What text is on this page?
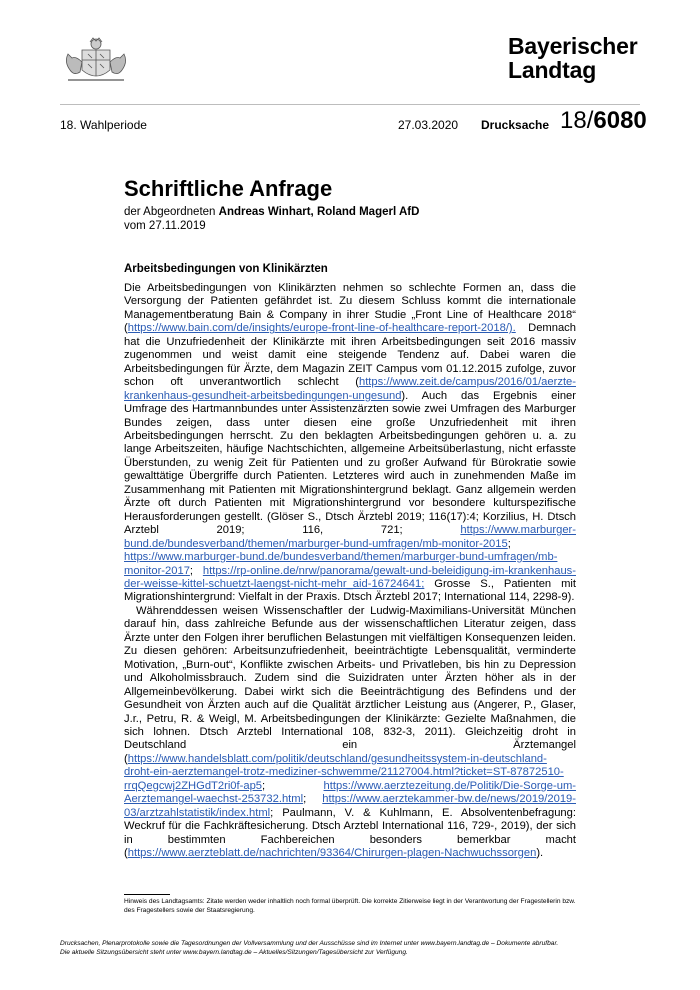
Bayerischer
Landtag
18. Wahlperiode	27.03.2020 Drucksache 18/6080
Schriftliche Anfrage
der Abgeordneten Andreas Winhart, Roland Magerl AfD
vom 27.11.2019
Arbeitsbedingungen von Klinikärzten

Die Arbeitsbedingungen von Klinikärzten nehmen so schlechte Formen an, dass die Versorgung der Patienten gefährdet ist. Zu diesem Schluss kommt die internationale Managementberatung Bain & Company in ihrer Studie „Front Line of Healthcare 2018“ (https://www.bain.com/de/insights/europe-front-line-of-healthcare-report-2018/). Demnach hat die Unzufriedenheit der Klinikärzte mit ihren Arbeitsbedingungen seit 2016 massiv zugenommen und weist damit eine steigende Tendenz auf. Dabei waren die Arbeitsbedingungen für Ärzte, dem Magazin ZEIT Campus vom 01.12.2015 zufolge, zuvor schon oft unverantwortlich schlecht (https://www.zeit.de/campus/2016/01/aerzte-krankenhaus-gesundheit-arbeitsbedingungen-ungesund). Auch das Ergebnis einer Umfrage des Hartmannbundes unter Assistenzärzten sowie zwei Umfragen des Marburger Bundes zeigen, dass unter diesen eine große Unzufriedenheit mit ihren Arbeitsbedingungen herrscht. Zu den beklagten Arbeitsbedingungen gehören u. a. zu lange Arbeitszeiten, häufige Nachtschichten, allgemeine Arbeitsüberlastung, nicht erfasste Überstunden, zu wenig Zeit für Patienten und zu großer Aufwand für Bürokratie sowie gewalttätige Übergriffe durch Patienten. Letzteres wird auch in zunehmenden Maße im Zusammenhang mit Patienten mit Migrationshintergrund beklagt. Ganz allgemein werden Ärzte oft durch Patienten mit Migrationshintergrund vor besondere kulturspezifische Herausforderungen gestellt. (Glöser S., Dtsch Ärztebl 2019; 116(17):4; Korzilius, H. Dtsch Arztebl 2019; 116, 721; https://www.marburger-bund.de/bundesverband/themen/marburger-bund-umfragen/mb-monitor-2015; https://www.marburger-bund.de/bundesverband/themen/marburger-bund-umfragen/mb-monitor-2017; https://rp-online.de/nrw/panorama/gewalt-und-beleidigung-im-krankenhaus-der-weisse-kittel-schuetzt-laengst-nicht-mehr_aid-16724641; Grosse S., Patienten mit Migrationshintergrund: Vielfalt in der Praxis. Dtsch Ärztebl 2017; International 114, 2298-9).

Währenddessen weisen Wissenschaftler der Ludwig-Maximilians-Universität München darauf hin, dass zahlreiche Befunde aus der wissenschaftlichen Literatur zeigen, dass Ärzte unter den Folgen ihrer beruflichen Belastungen mit vielfältigen Konsequenzen leiden. Zu diesen gehören: Arbeitsunzufriedenheit, beeinträchtigte Lebensqualität, verminderte Motivation, „Burn-out“, Konflikte zwischen Arbeits- und Privatleben, bis hin zu Depression und Alkoholmissbrauch. Zudem sind die Suizidraten unter Ärzten höher als in der Allgemeinbevölkerung. Dabei wirkt sich die Beeinträchtigung des Befindens und der Gesundheit von Ärzten auch auf die Qualität ärztlicher Leistung aus (Angerer, P., Glaser, J.r., Petru, R. & Weigl, M. Arbeitsbedingungen der Klinikärzte: Gezielte Maßnahmen, die sich lohnen. Dtsch Arztebl International 108, 832-3, 2011). Gleichzeitig droht in Deutschland ein Ärztemangel (https://www.handelsblatt.com/politik/deutschland/gesundheitssystem-in-deutschland-droht-ein-aerztemangel-trotz-mediziner-schwemme/21127004.html?ticket=ST-87872510-rrqQegcwj2ZHGdT2ri0f-ap5; https://www.aerztezeitung.de/Politik/Die-Sorge-um-Aerztemangel-waechst-253732.html; https://www.aerztekammer-bw.de/news/2019/2019-03/arztzahlstatistik/index.html; Paulmann, V. & Kuhlmann, E. Absolventenbefragung: Weckruf für die Fachkräftesicherung. Dtsch Arztebl International 116, 729-, 2019), der sich in bestimmten Fachbereichen besonders bemerkbar macht (https://www.aerzteblatt.de/nachrichten/93364/Chirurgen-plagen-Nachwuchssorgen).

Hinweis des Landtagsamts: Zitate werden weder inhaltlich noch formal überprüft. Die korrekte Zitierweise liegt in der Verantwortung der Fragestellerin bzw. des Fragestellers sowie der Staatsregierung.
Drucksachen, Plenarprotokolle sowie die Tagesordnungen der Vollversammlung und der Ausschüsse sind im Internet unter www.bayern.landtag.de – Dokumente abrufbar.
Die aktuelle Sitzungsübersicht steht unter www.bayern.landtag.de – Aktuelles/Sitzungen/Tagesübersicht zur Verfügung.
